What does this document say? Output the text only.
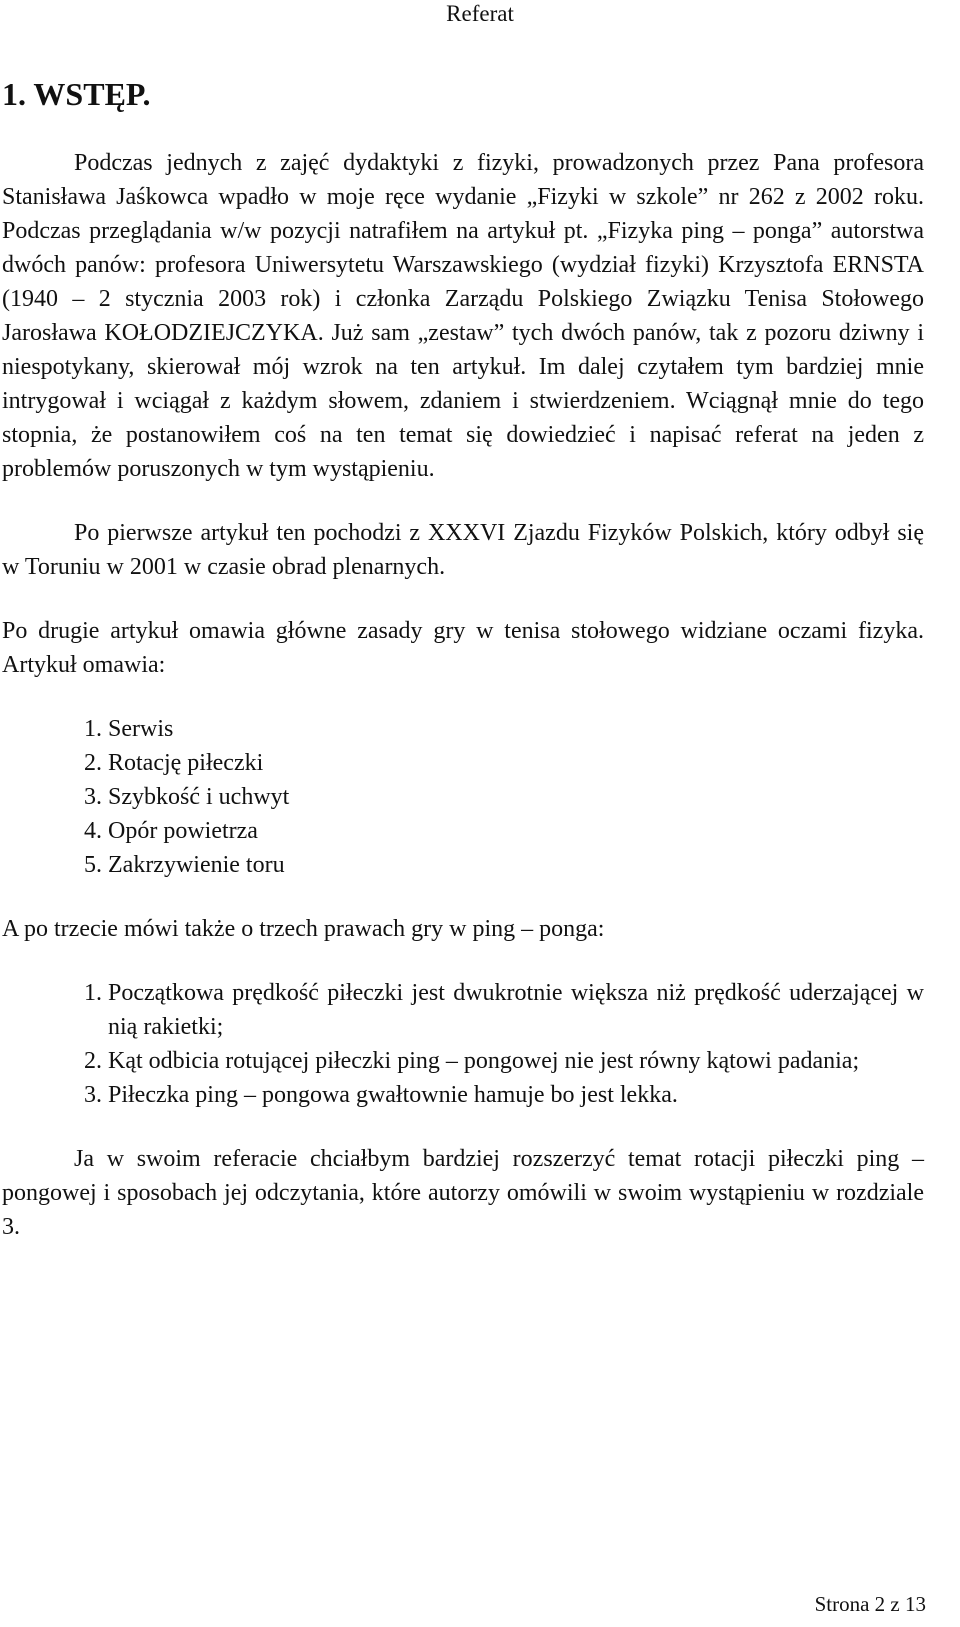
Referat
1. WSTĘP.

Podczas jednych z zajęć dydaktyki z fizyki, prowadzonych przez Pana profesora Stanisława Jaśkowca wpadło w moje ręce wydanie „Fizyki w szkole” nr 262 z 2002 roku. Podczas przeglądania w/w pozycji natrafiłem na artykuł pt. „Fizyka ping – ponga” autorstwa dwóch panów: profesora Uniwersytetu Warszawskiego (wydział fizyki) Krzysztofa ERNSTA (1940 – 2 stycznia 2003 rok) i członka Zarządu Polskiego Związku Tenisa Stołowego Jarosława KOŁODZIEJCZYKA. Już sam „zestaw” tych dwóch panów, tak z pozoru dziwny i niespotykany, skierował mój wzrok na ten artykuł. Im dalej czytałem tym bardziej mnie intrygował i wciągał z każdym słowem, zdaniem i stwierdzeniem. Wciągnął mnie do tego stopnia, że postanowiłem coś na ten temat się dowiedzieć i napisać referat na jeden z problemów poruszonych w tym wystąpieniu.

Po pierwsze artykuł ten pochodzi z XXXVI Zjazdu Fizyków Polskich, który odbył się w Toruniu w 2001 w czasie obrad plenarnych.

Po drugie artykuł omawia główne zasady gry w tenisa stołowego widziane oczami fizyka. Artykuł omawia:

1. Serwis
2. Rotację piłeczki
3. Szybkość i uchwyt
4. Opór powietrza
5. Zakrzywienie toru

A po trzecie mówi także o trzech prawach gry w ping – ponga:

1. Początkowa prędkość piłeczki jest dwukrotnie większa niż prędkość uderzającej w nią rakietki;
2. Kąt odbicia rotującej piłeczki ping – pongowej nie jest równy kątowi padania;
3. Piłeczka ping – pongowa gwałtownie hamuje bo jest lekka.

Ja w swoim referacie chciałbym bardziej rozszerzyć temat rotacji piłeczki ping – pongowej i sposobach jej odczytania, które autorzy omówili w swoim wystąpieniu w rozdziale 3.

Strona 2 z 13
